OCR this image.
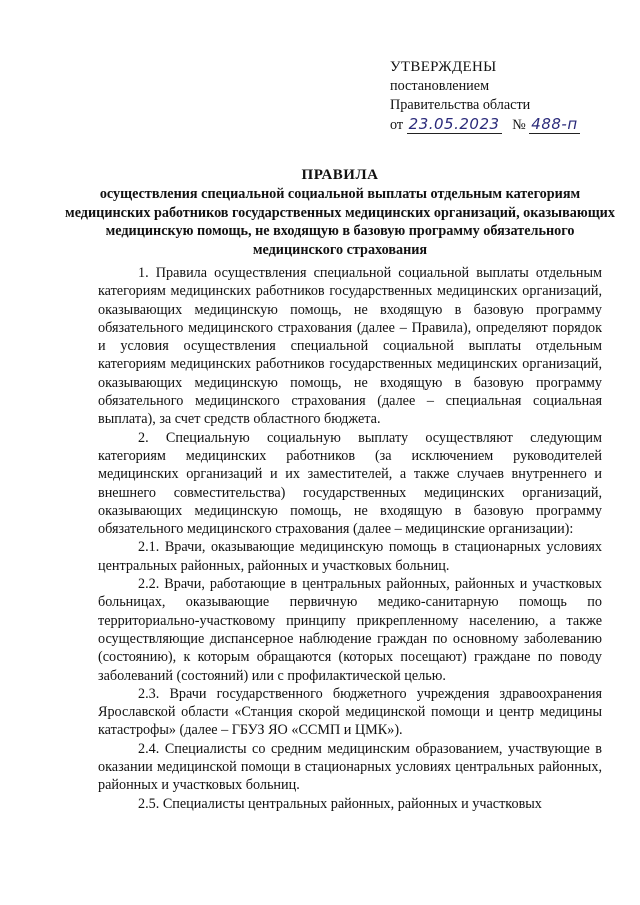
УТВЕРЖДЕНЫ
постановлением
Правительства области
от 23.05.2023 № 488-п
ПРАВИЛА
осуществления специальной социальной выплаты отдельным категориям медицинских работников государственных медицинских организаций, оказывающих медицинскую помощь, не входящую в базовую программу обязательного медицинского страхования

1. Правила осуществления специальной социальной выплаты отдельным категориям медицинских работников государственных медицинских организаций, оказывающих медицинскую помощь, не входящую в базовую программу обязательного медицинского страхования (далее – Правила), определяют порядок и условия осуществления специальной социальной выплаты отдельным категориям медицинских работников государственных медицинских организаций, оказывающих медицинскую помощь, не входящую в базовую программу обязательного медицинского страхования (далее – специальная социальная выплата), за счет средств областного бюджета.

2. Специальную социальную выплату осуществляют следующим категориям медицинских работников (за исключением руководителей медицинских организаций и их заместителей, а также случаев внутреннего и внешнего совместительства) государственных медицинских организаций, оказывающих медицинскую помощь, не входящую в базовую программу обязательного медицинского страхования (далее – медицинские организации):

2.1. Врачи, оказывающие медицинскую помощь в стационарных условиях центральных районных, районных и участковых больниц.

2.2. Врачи, работающие в центральных районных, районных и участковых больницах, оказывающие первичную медико-санитарную помощь по территориально-участковому принципу прикрепленному населению, а также осуществляющие диспансерное наблюдение граждан по основному заболеванию (состоянию), к которым обращаются (которых посещают) граждане по поводу заболеваний (состояний) или с профилактической целью.

2.3. Врачи государственного бюджетного учреждения здравоохранения Ярославской области «Станция скорой медицинской помощи и центр медицины катастрофы» (далее – ГБУЗ ЯО «ССМП и ЦМК»).

2.4. Специалисты со средним медицинским образованием, участвующие в оказании медицинской помощи в стационарных условиях центральных районных, районных и участковых больниц.

2.5. Специалисты центральных районных, районных и участковых
